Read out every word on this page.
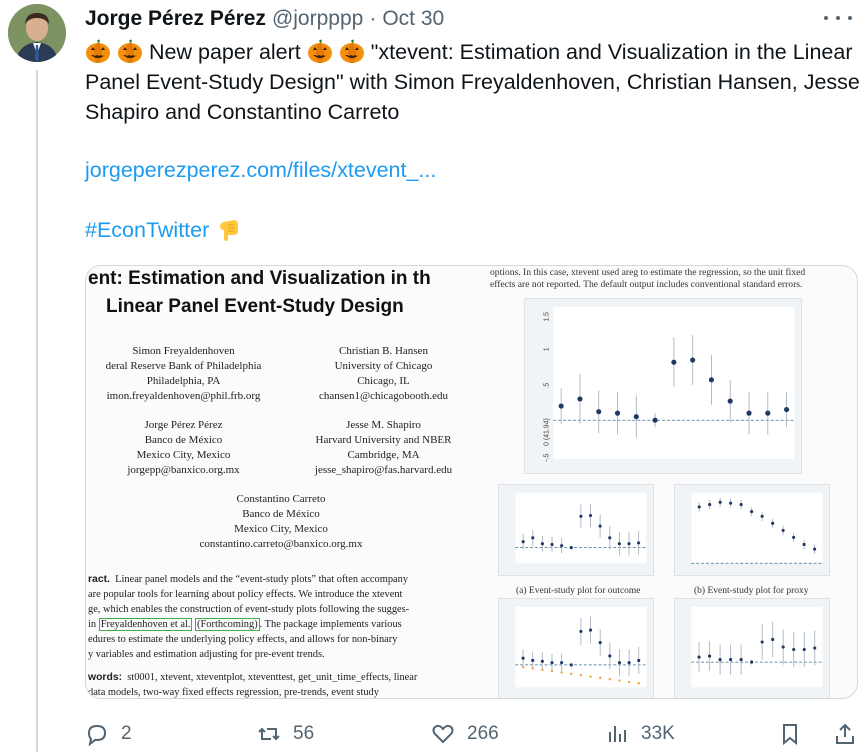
Jorge Pérez Pérez @jorpppp · Oct 30
New paper alert	"xtevent: Estimation and Visualization in the Linear Panel Event-Study Design" with Simon Freyaldenhoven, Christian Hansen, Jesse Shapiro and Constantino Carreto
jorgeperezperez.com/files/xtevent_...
#EconTwitter
ent: Estimation and Visualization in th
Linear Panel Event-Study Design
Simon Freyaldenhoven
deral Reserve Bank of Philadelphia
Philadelphia, PA
imon.freyaldenhoven@phil.frb.org
Christian B. Hansen
University of Chicago
Chicago, IL
chansen1@chicagobooth.edu
Jorge Pérez Pérez
Banco de México
Mexico City, Mexico
jorgepp@banxico.org.mx
Jesse M. Shapiro
Harvard University and NBER
Cambridge, MA
jesse_shapiro@fas.harvard.edu
Constantino Carreto
Banco de México
Mexico City, Mexico
constantino.carreto@banxico.org.mx
ract. Linear panel models and the “event-study plots” that often accompany
are popular tools for learning about policy effects. We introduce the xtevent
ge, which enables the construction of event-study plots following the sugges-
in Freyaldenhoven et al. (Forthcoming) . The package implements various
edures to estimate the underlying policy effects, and allows for non-binary
y variables and estimation adjusting for pre-event trends.
words: st0001, xtevent, xteventplot, xteventtest, get_unit_time_effects, linear
data models, two-way fixed effects regression, pre-trends, event study
options. In this case, xtevent used areg to estimate the regression, so the unit fixed
effects are not reported. The default output includes conventional standard errors.
1.5
1
.5
0 (41.94)
-.5
(a) Event-study plot for outcome	(b) Event-study plot for proxy
2	56	266	33K
